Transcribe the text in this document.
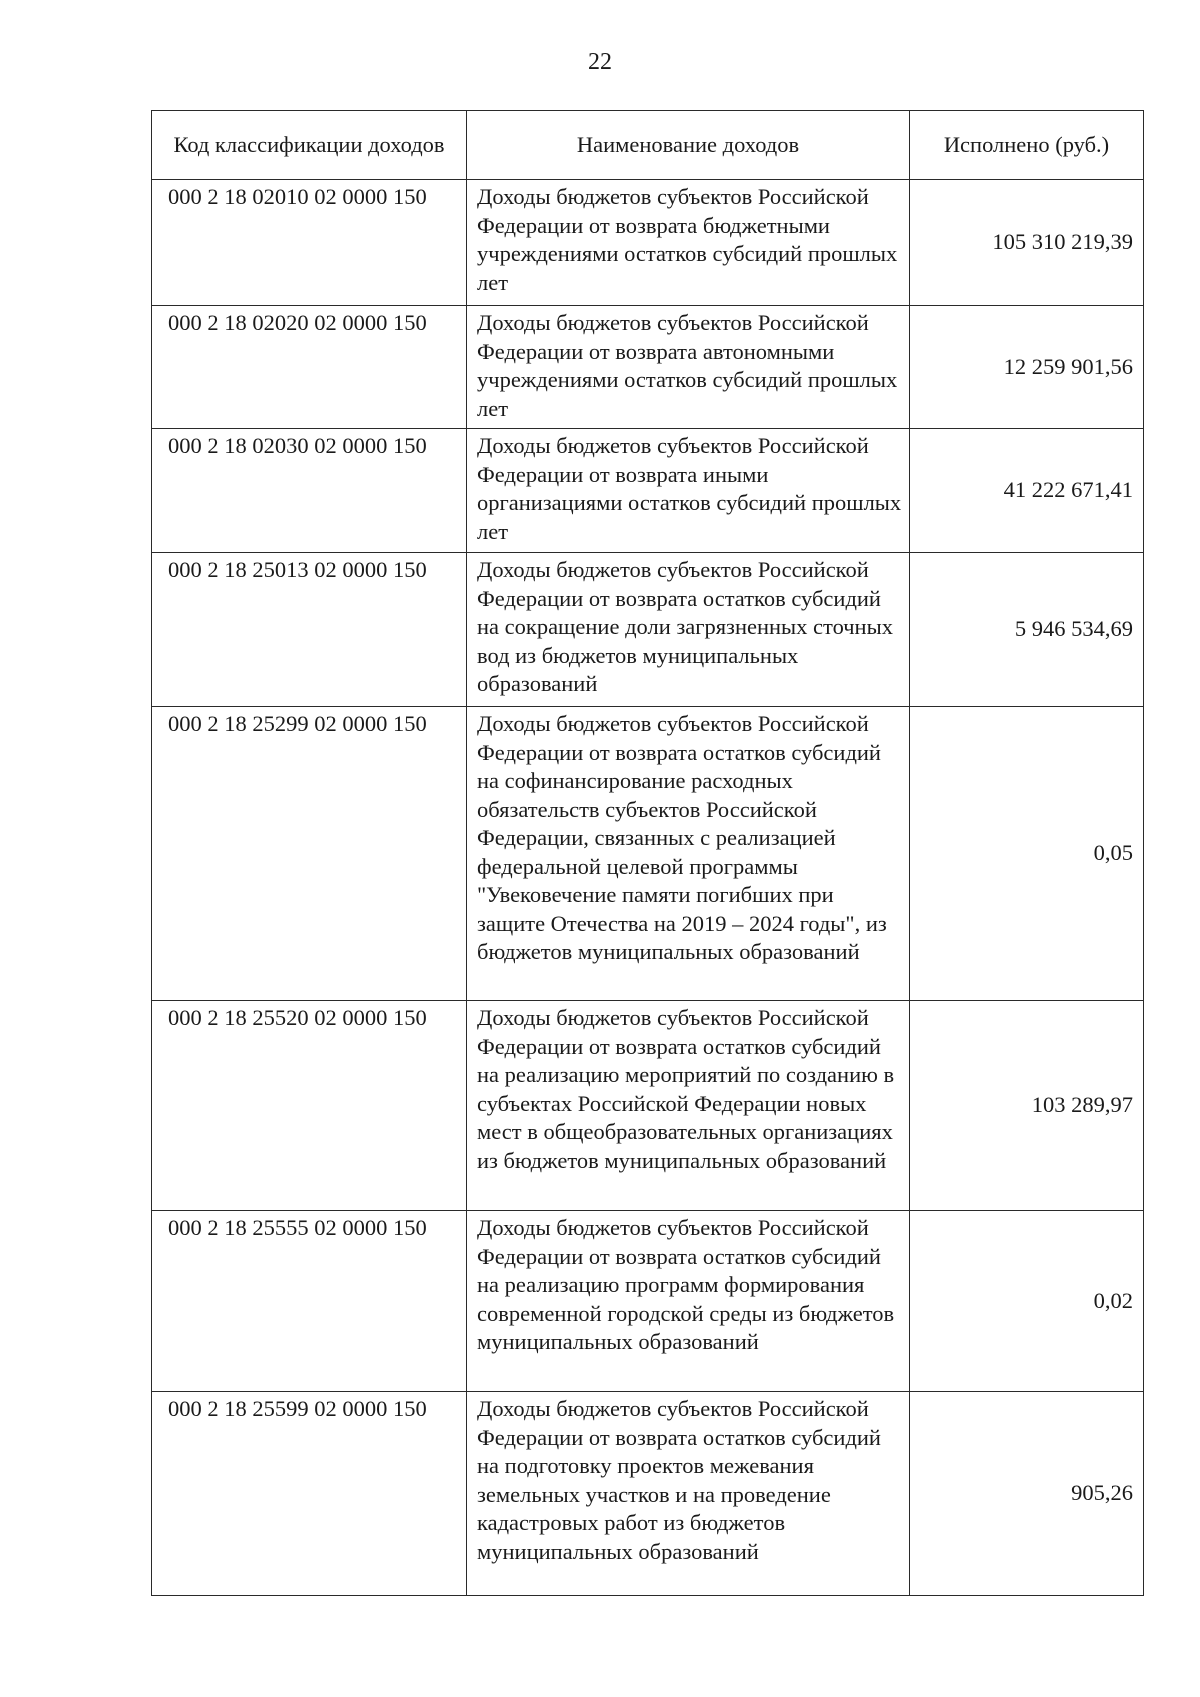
22
Код классификации доходов	Наименование доходов	Исполнено (руб.)
000 2 18 02010 02 0000 150	Доходы бюджетов субъектов Российской Федерации от возврата бюджетными учреждениями остатков субсидий прошлых лет	105 310 219,39
000 2 18 02020 02 0000 150	Доходы бюджетов субъектов Российской Федерации от возврата автономными учреждениями остатков субсидий прошлых лет	12 259 901,56
000 2 18 02030 02 0000 150	Доходы бюджетов субъектов Российской Федерации от возврата иными организациями остатков субсидий прошлых лет	41 222 671,41
000 2 18 25013 02 0000 150	Доходы бюджетов субъектов Российской Федерации от возврата остатков субсидий на сокращение доли загрязненных сточных вод из бюджетов муниципальных образований	5 946 534,69
000 2 18 25299 02 0000 150	Доходы бюджетов субъектов Российской Федерации от возврата остатков субсидий на софинансирование расходных обязательств субъектов Российской Федерации, связанных с реализацией федеральной целевой программы "Увековечение памяти погибших при защите Отечества на 2019 – 2024 годы", из бюджетов муниципальных образований	0,05
000 2 18 25520 02 0000 150	Доходы бюджетов субъектов Российской Федерации от возврата остатков субсидий на реализацию мероприятий по созданию в субъектах Российской Федерации новых мест в общеобразовательных организациях из бюджетов муниципальных образований	103 289,97
000 2 18 25555 02 0000 150	Доходы бюджетов субъектов Российской Федерации от возврата остатков субсидий на реализацию программ формирования современной городской среды из бюджетов муниципальных образований	0,02
000 2 18 25599 02 0000 150	Доходы бюджетов субъектов Российской Федерации от возврата остатков субсидий на подготовку проектов межевания земельных участков и на проведение кадастровых работ из бюджетов муниципальных образований	905,26
